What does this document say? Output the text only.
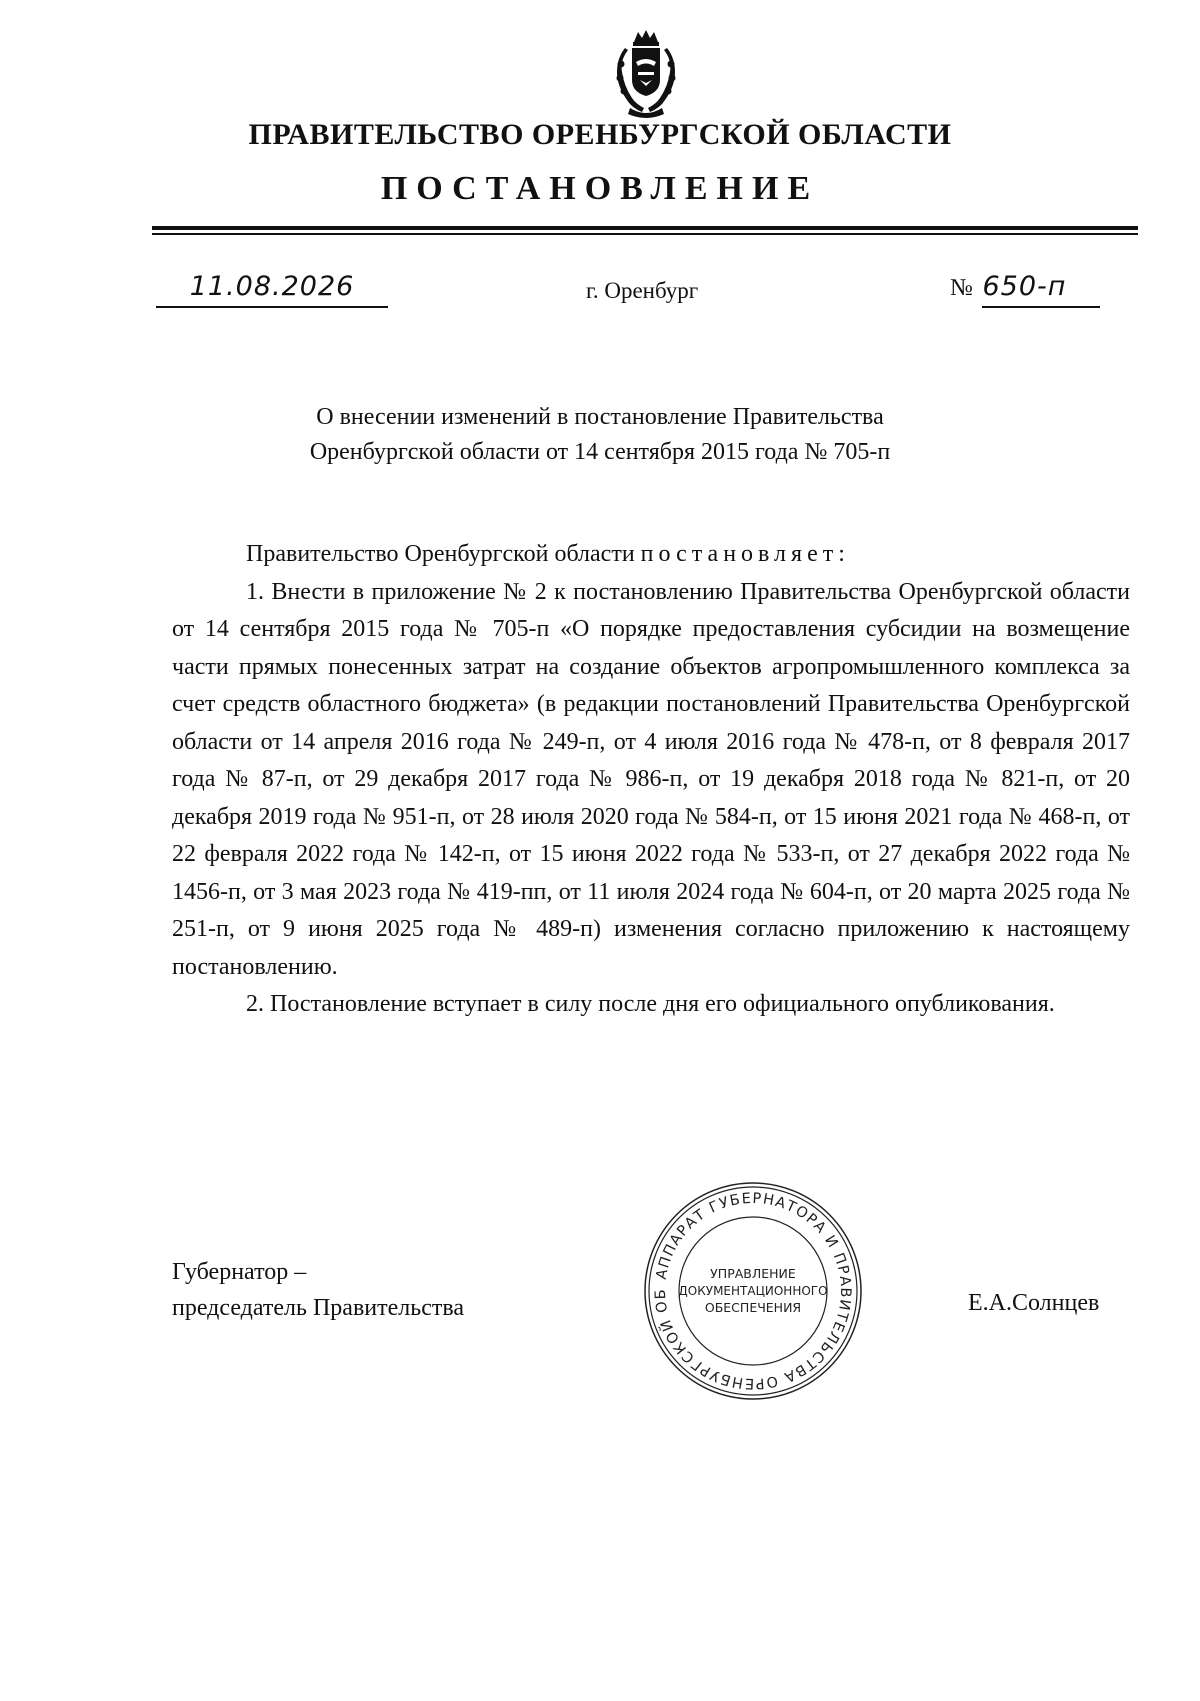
ПРАВИТЕЛЬСТВО ОРЕНБУРГСКОЙ ОБЛАСТИ
ПОСТАНОВЛЕНИЕ
11.08.2026	г. Оренбург	№ 650-п
О внесении изменений в постановление Правительства
Оренбургской области от 14 сентября 2015 года № 705-п

Правительство Оренбургской области постановляет:

1. Внести в приложение № 2 к постановлению Правительства Оренбургской области от 14 сентября 2015 года № 705-п «О порядке предоставления субсидии на возмещение части прямых понесенных затрат на создание объектов агропромышленного комплекса за счет средств областного бюджета» (в редакции постановлений Правительства Оренбургской области от 14 апреля 2016 года № 249-п, от 4 июля 2016 года № 478-п, от 8 февраля 2017 года № 87-п, от 29 декабря 2017 года № 986-п, от 19 декабря 2018 года № 821-п, от 20 декабря 2019 года № 951-п, от 28 июля 2020 года № 584-п, от 15 июня 2021 года № 468-п, от 22 февраля 2022 года № 142-п, от 15 июня 2022 года № 533-п, от 27 декабря 2022 года № 1456-п, от 3 мая 2023 года № 419-пп, от 11 июля 2024 года № 604-п, от 20 марта 2025 года № 251-п, от 9 июня 2025 года № 489-п) изменения согласно приложению к настоящему постановлению.

2. Постановление вступает в силу после дня его официального опубликования.

Губернатор –
председатель Правительства	Е.А.Солнцев
АППАРАТ ГУБЕРНАТОРА И ПРАВИТЕЛЬСТВА ОРЕНБУРГСКОЙ ОБ
УПРАВЛЕНИЕ
ДОКУМЕНТАЦИОННОГО
ОБЕСПЕЧЕНИЯ
